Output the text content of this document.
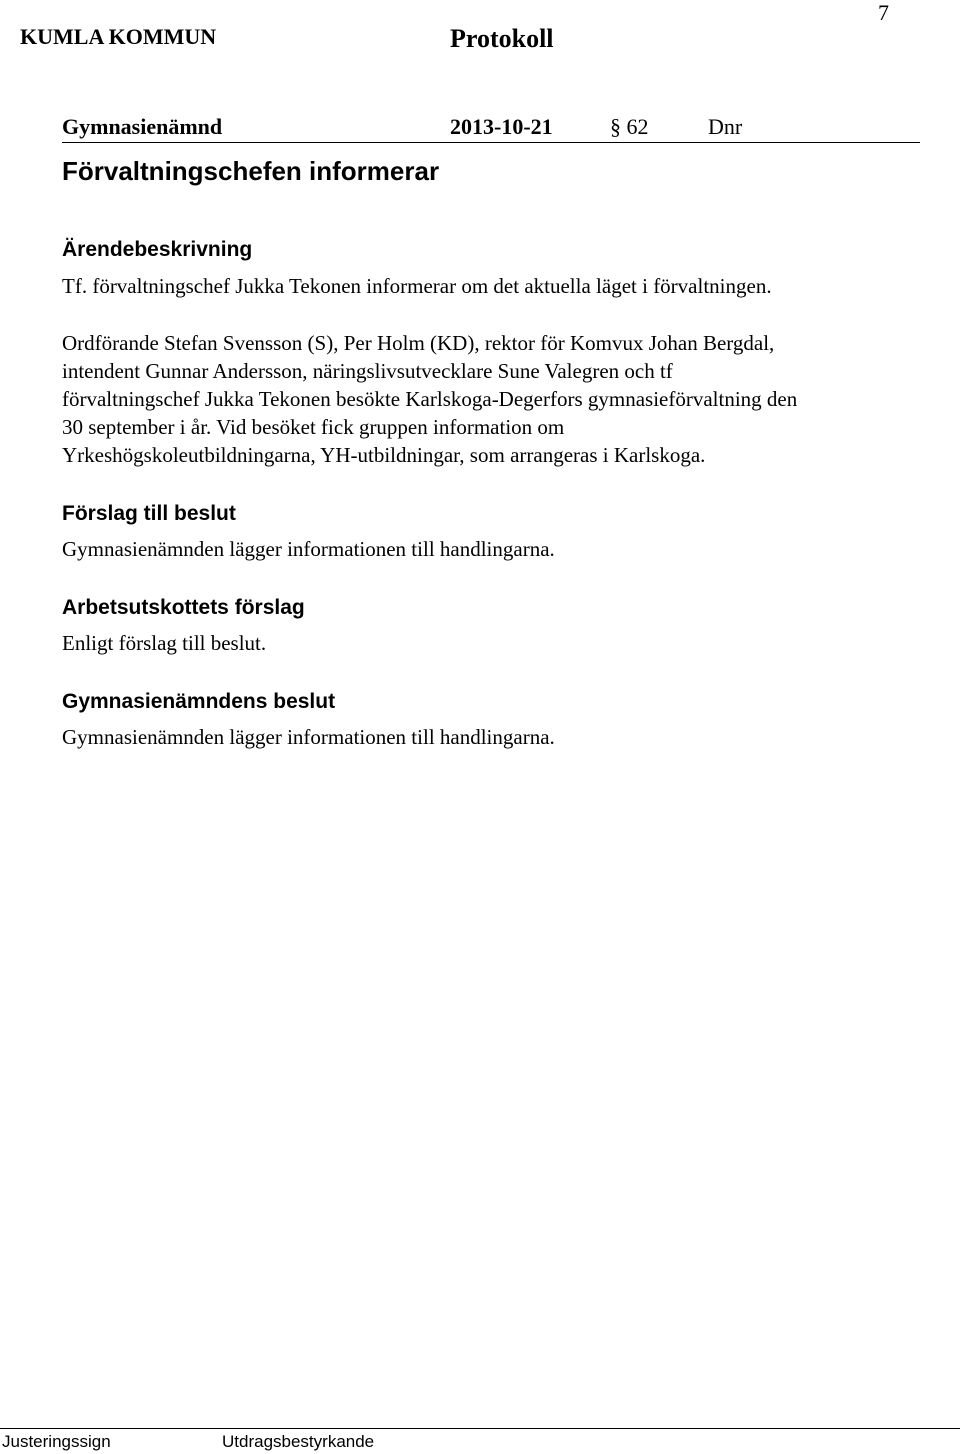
KUMLA KOMMUN	Protokoll
7
Gymnasienämnd	2013-10-21	§ 62	Dnr
Förvaltningschefen informerar
Ärendebeskrivning
Tf. förvaltningschef Jukka Tekonen informerar om det aktuella läget i förvaltningen.
Ordförande Stefan Svensson (S), Per Holm (KD), rektor för Komvux Johan Bergdal,
intendent Gunnar Andersson, näringslivsutvecklare Sune Valegren och tf
förvaltningschef Jukka Tekonen besökte Karlskoga-Degerfors gymnasieförvaltning den
30 september i år. Vid besöket fick gruppen information om
Yrkeshögskoleutbildningarna, YH-utbildningar, som arrangeras i Karlskoga.
Förslag till beslut
Gymnasienämnden lägger informationen till handlingarna.
Arbetsutskottets förslag
Enligt förslag till beslut.
Gymnasienämndens beslut
Gymnasienämnden lägger informationen till handlingarna.
Justeringssign	Utdragsbestyrkande
